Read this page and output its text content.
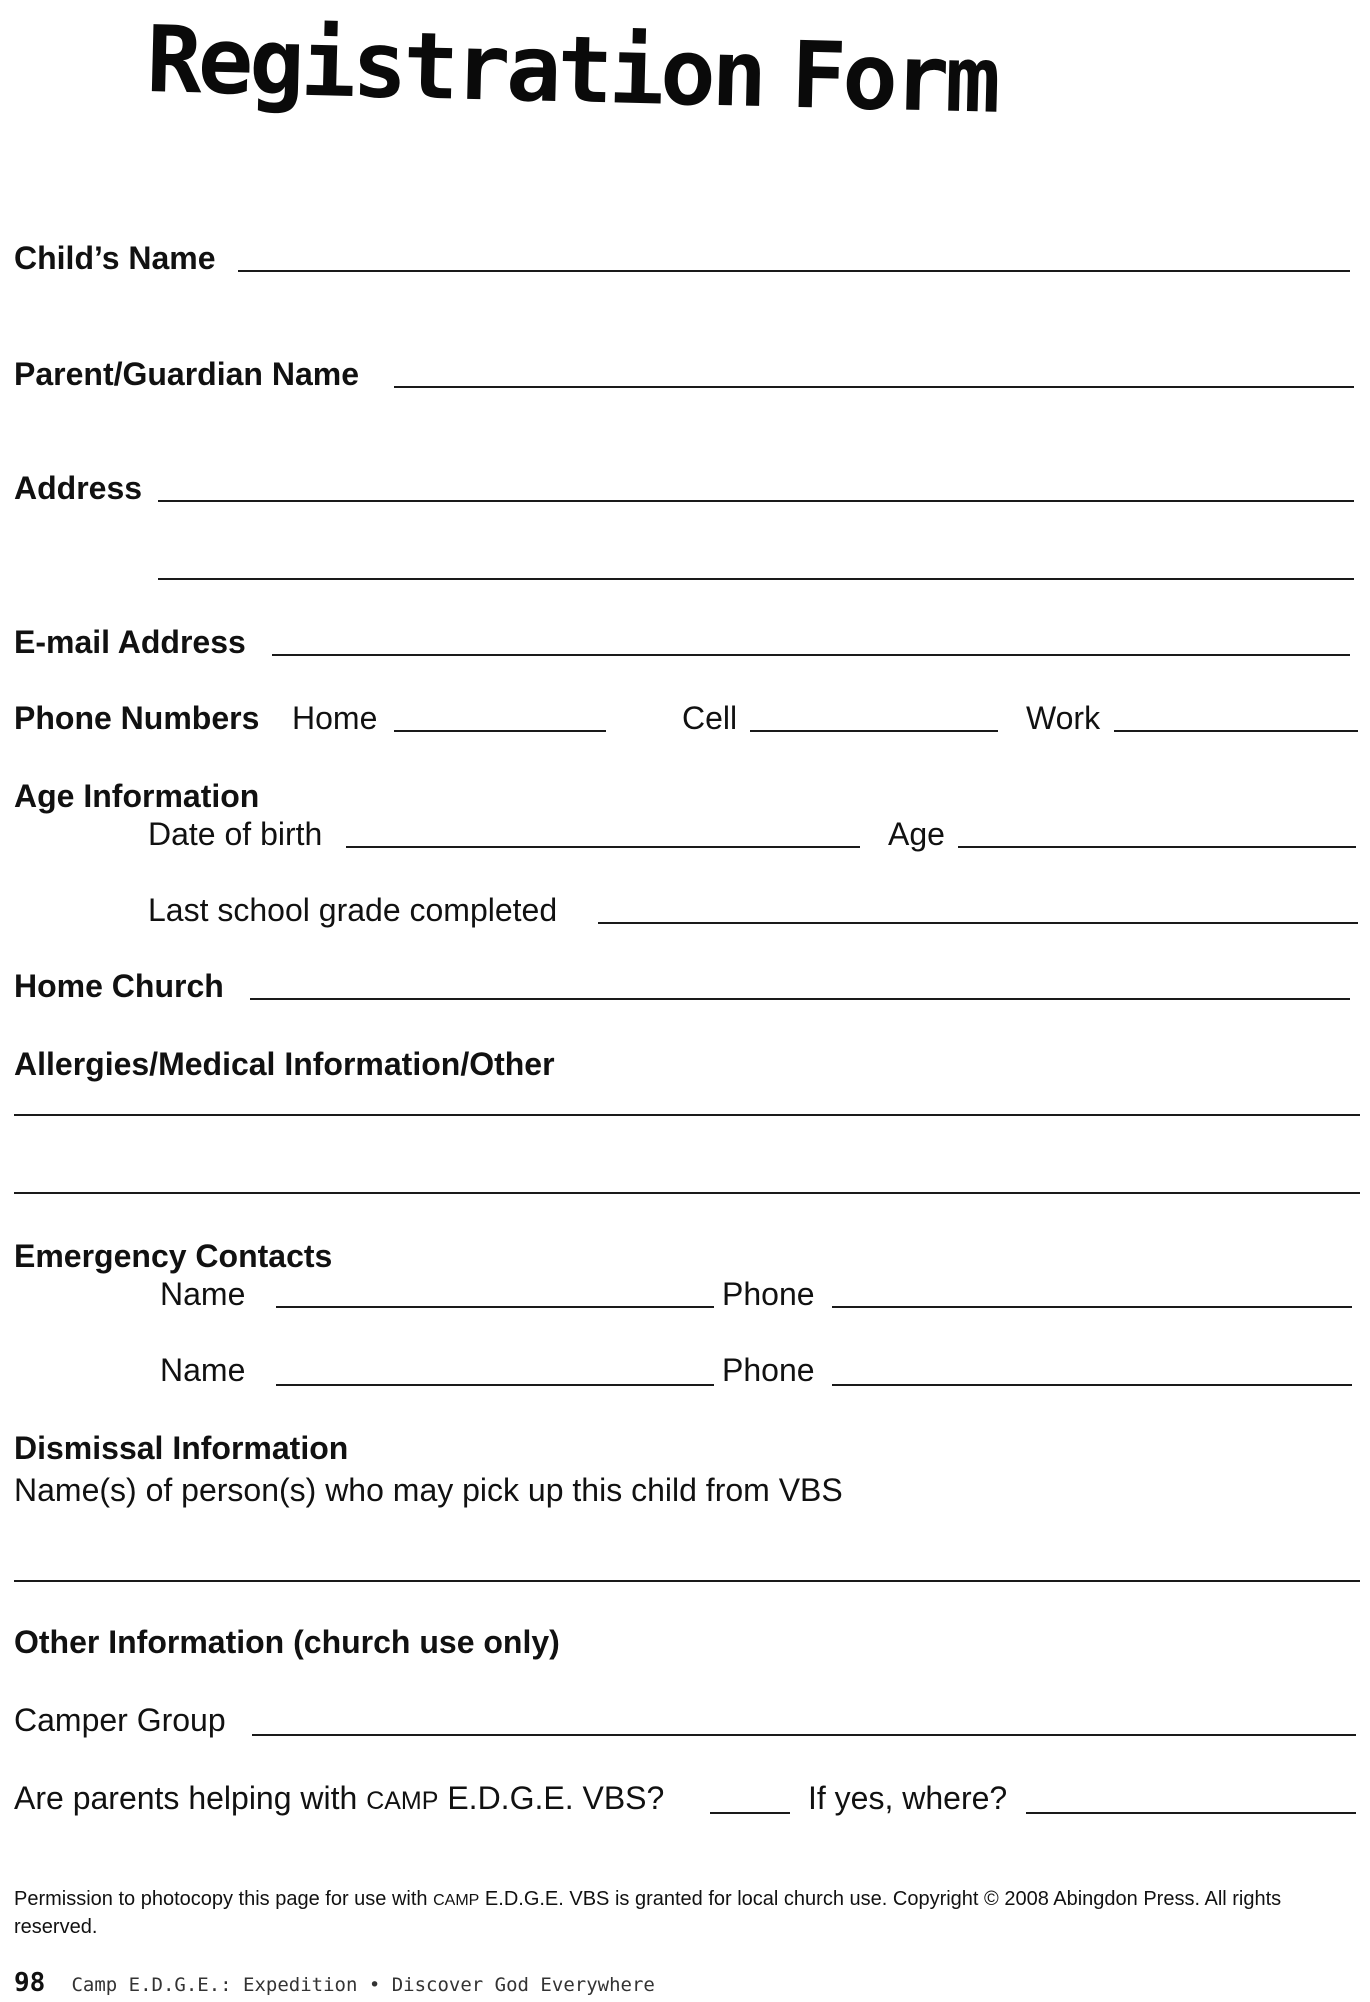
Registration Form
Child’s Name
Parent/Guardian Name
Address
E-mail Address
Phone Numbers Home	Cell	Work
Age Information
Date of birth	Age
Last school grade completed
Home Church
Allergies/Medical Information/Other
Emergency Contacts
Name	Phone
Name	Phone
Dismissal Information
Name(s) of person(s) who may pick up this child from VBS
Other Information (church use only)
Camper Group
Are parents helping with CAMP E.D.G.E. VBS?	If yes, where?
Permission to photocopy this page for use with CAMP E.D.G.E. VBS is granted for local church use. Copyright © 2008 Abingdon Press. All rights reserved.
98 Camp E.D.G.E.: Expedition • Discover God Everywhere
